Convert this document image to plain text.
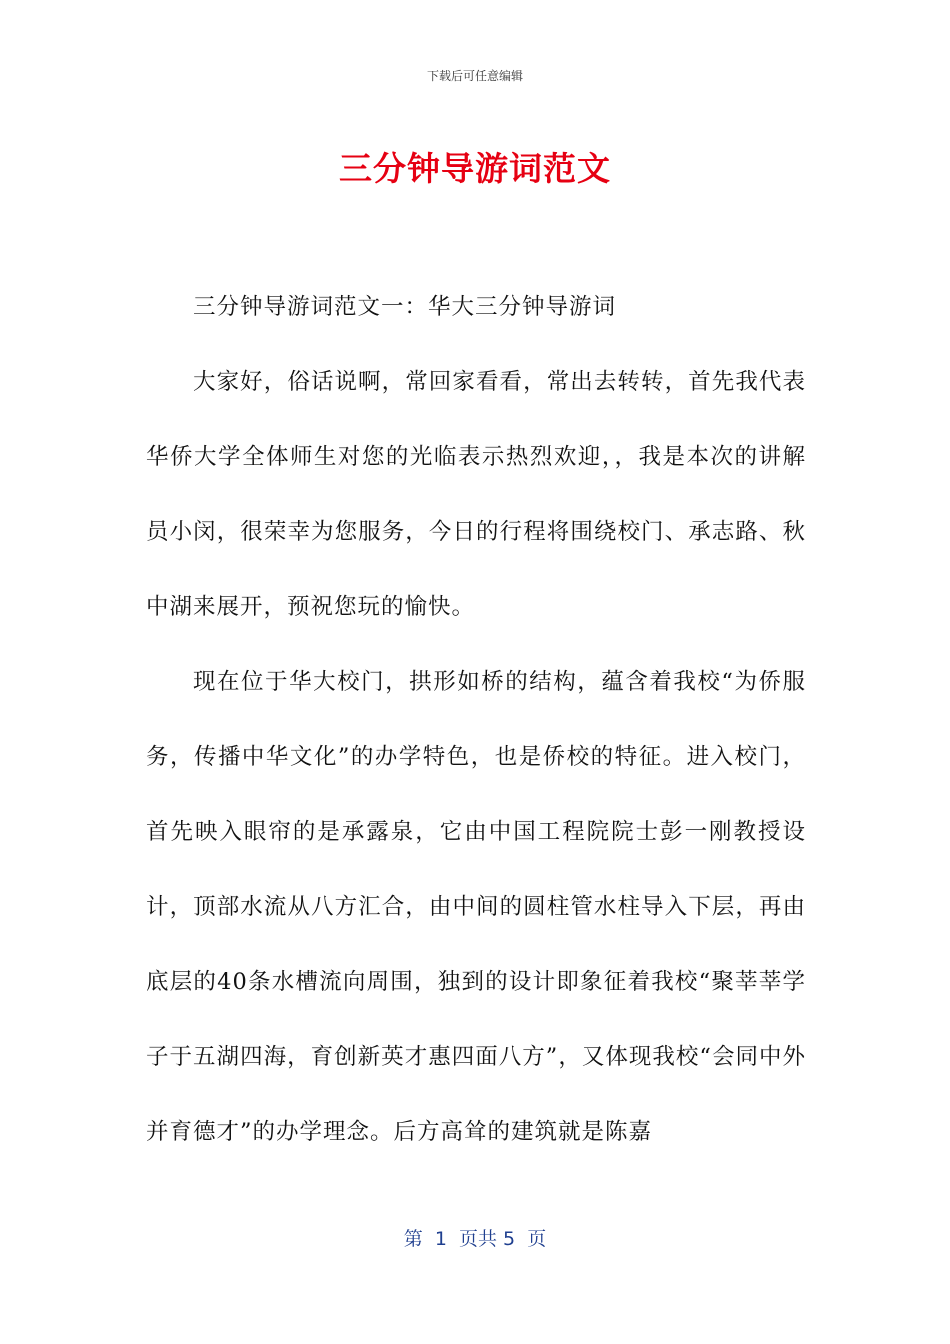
下载后可任意编辑
三分钟导游词范文

三分钟导游词范文一：华大三分钟导游词

大家好，俗话说啊，常回家看看，常出去转转，首先我代表华侨大学全体师生对您的光临表示热烈欢迎，，我是本次的讲解员小闵，很荣幸为您服务，今日的行程将围绕校门、承志路、秋中湖来展开，预祝您玩的愉快。

现在位于华大校门，拱形如桥的结构，蕴含着我校“为侨服务，传播中华文化”的办学特色，也是侨校的特征。进入校门，首先映入眼帘的是承露泉，它由中国工程院院士彭一刚教授设计，顶部水流从八方汇合，由中间的圆柱管水柱导入下层，再由底层的40条水槽流向周围，独到的设计即象征着我校“聚莘莘学子于五湖四海，育创新英才惠四面八方”，又体现我校“会同中外并育德才”的办学理念。后方高耸的建筑就是陈嘉

第  1  页共 5  页
